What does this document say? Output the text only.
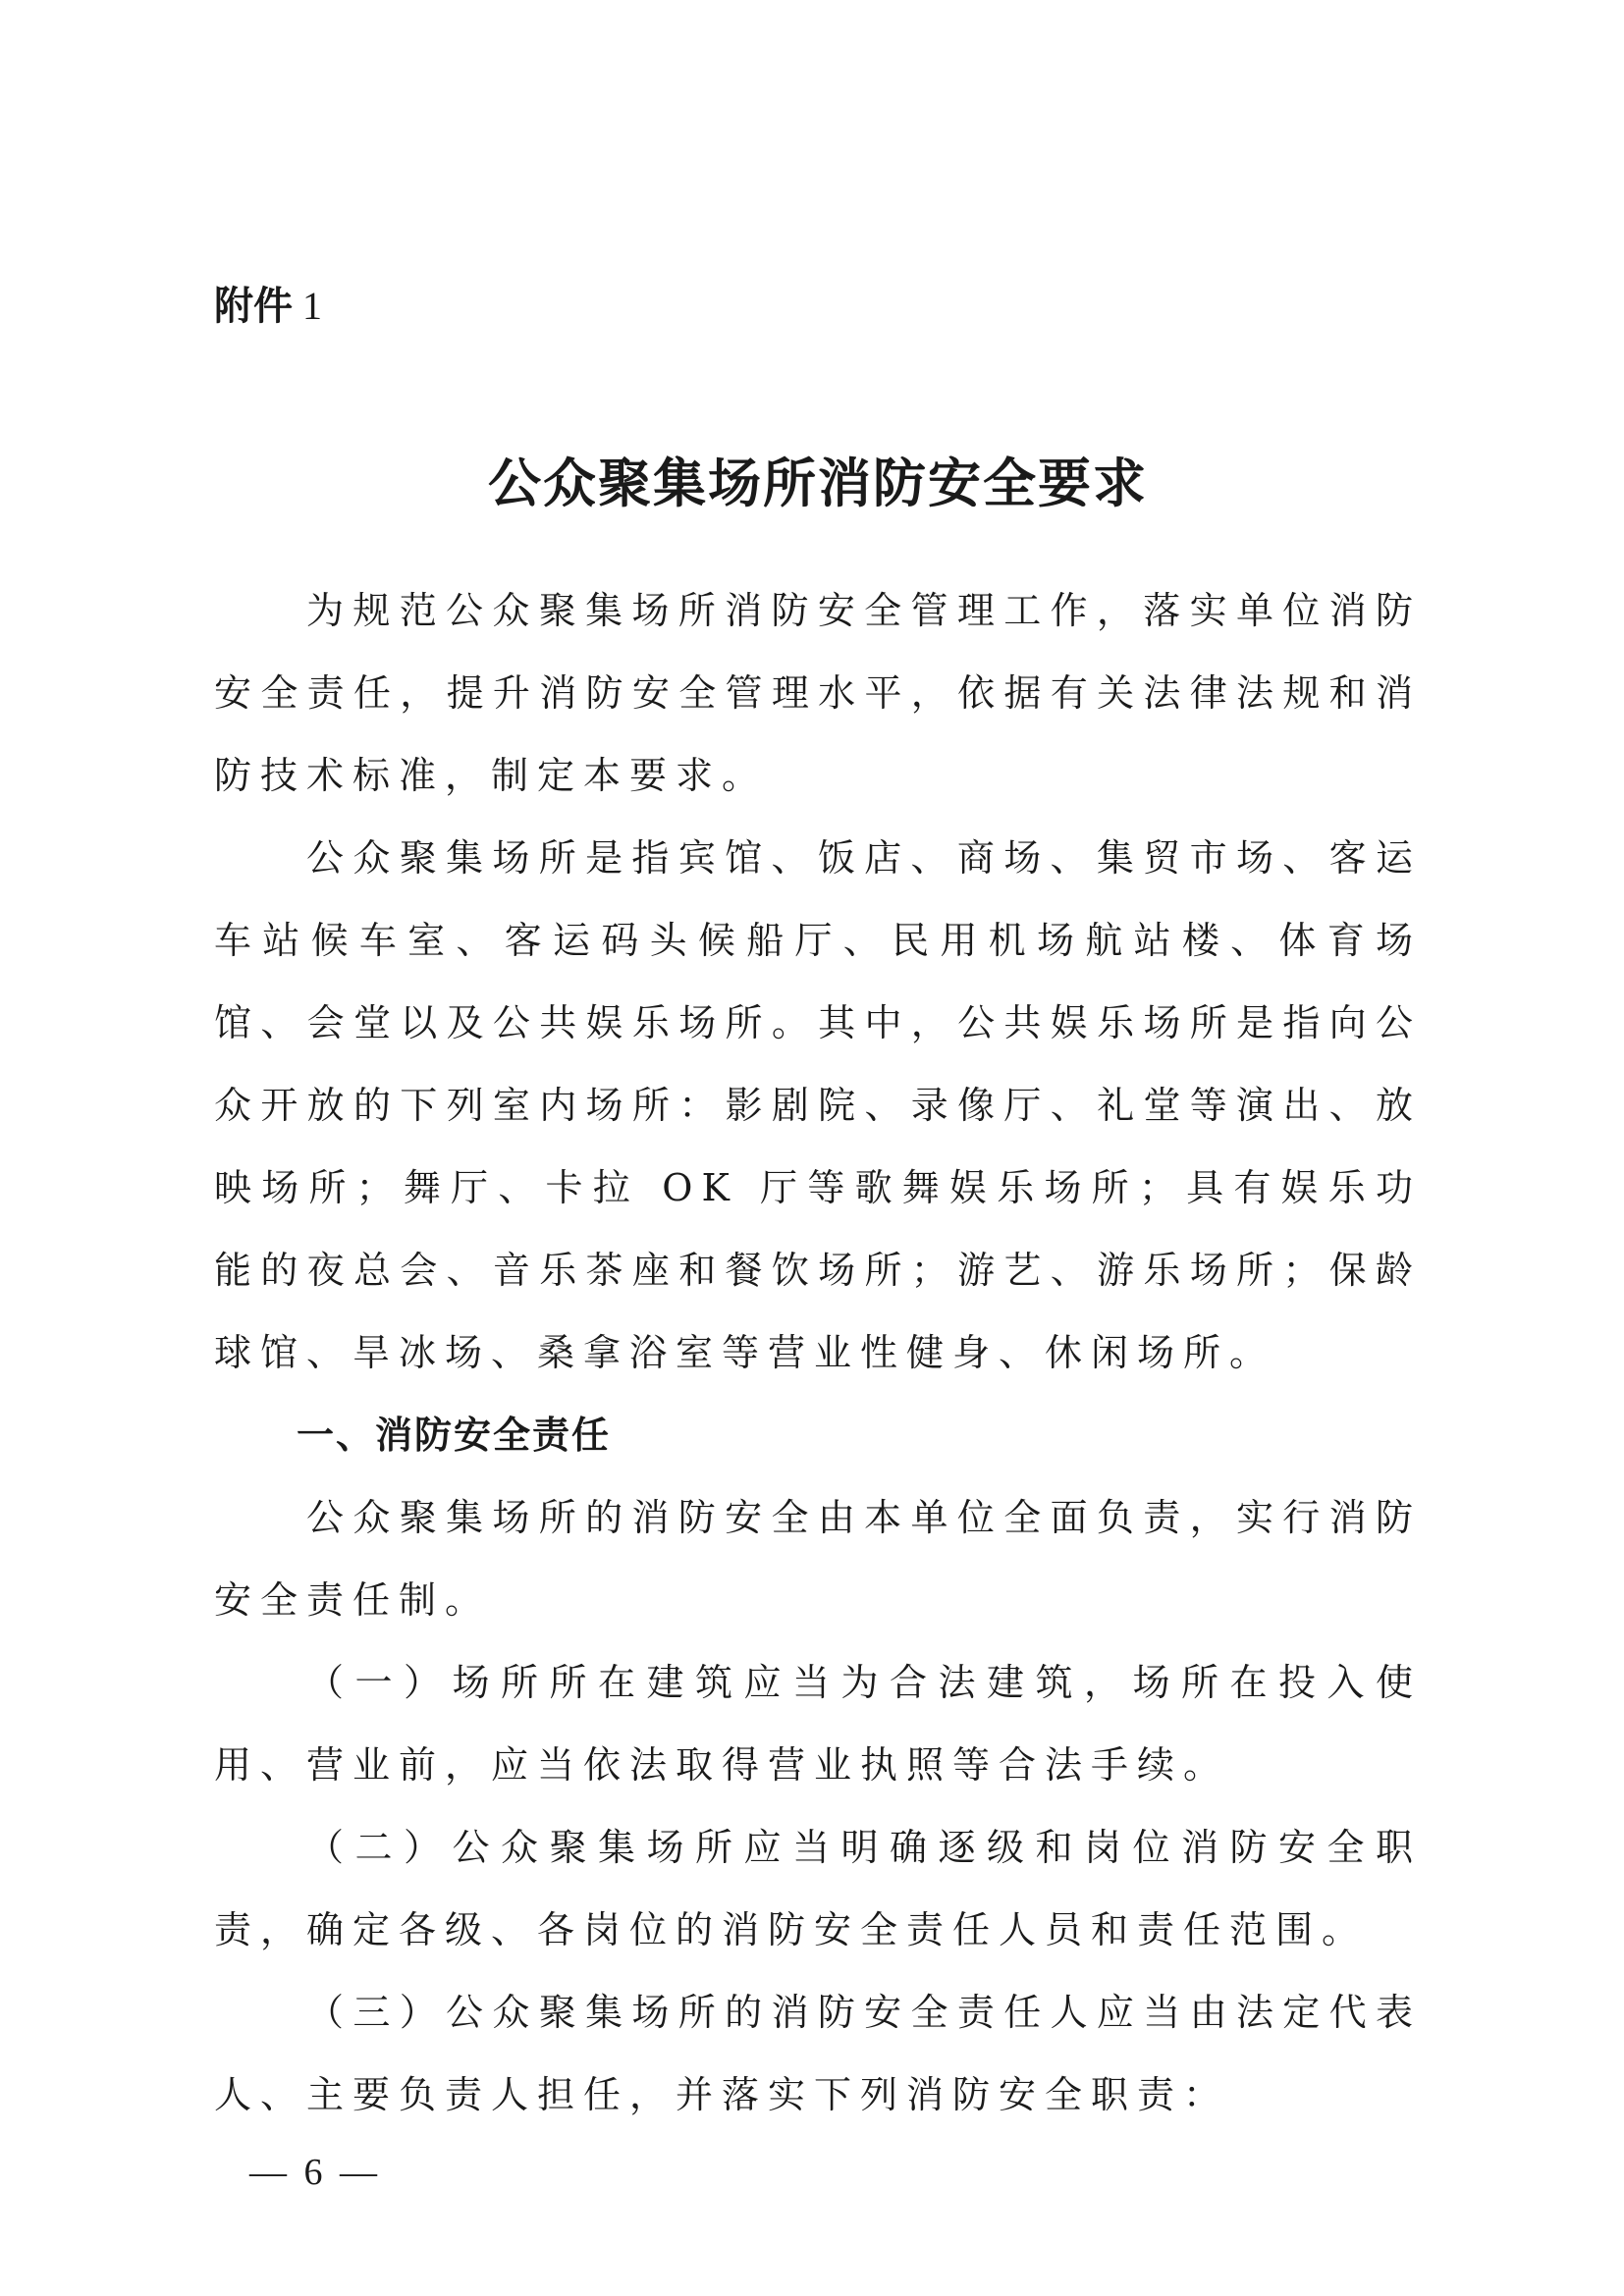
附件 1
公众聚集场所消防安全要求

为规范公众聚集场所消防安全管理工作，落实单位消防安全责任，提升消防安全管理水平，依据有关法律法规和消防技术标准，制定本要求。

公众聚集场所是指宾馆、饭店、商场、集贸市场、客运车站候车室、客运码头候船厅、民用机场航站楼、体育场馆、会堂以及公共娱乐场所。其中，公共娱乐场所是指向公众开放的下列室内场所：影剧院、录像厅、礼堂等演出、放映场所；舞厅、卡拉 OK 厅等歌舞娱乐场所；具有娱乐功能的夜总会、音乐茶座和餐饮场所；游艺、游乐场所；保龄球馆、旱冰场、桑拿浴室等营业性健身、休闲场所。

一、消防安全责任

公众聚集场所的消防安全由本单位全面负责，实行消防安全责任制。

（一）场所所在建筑应当为合法建筑，场所在投入使用、营业前，应当依法取得营业执照等合法手续。

（二）公众聚集场所应当明确逐级和岗位消防安全职责，确定各级、各岗位的消防安全责任人员和责任范围。

（三）公众聚集场所的消防安全责任人应当由法定代表人、主要负责人担任，并落实下列消防安全职责：

— 6 —
